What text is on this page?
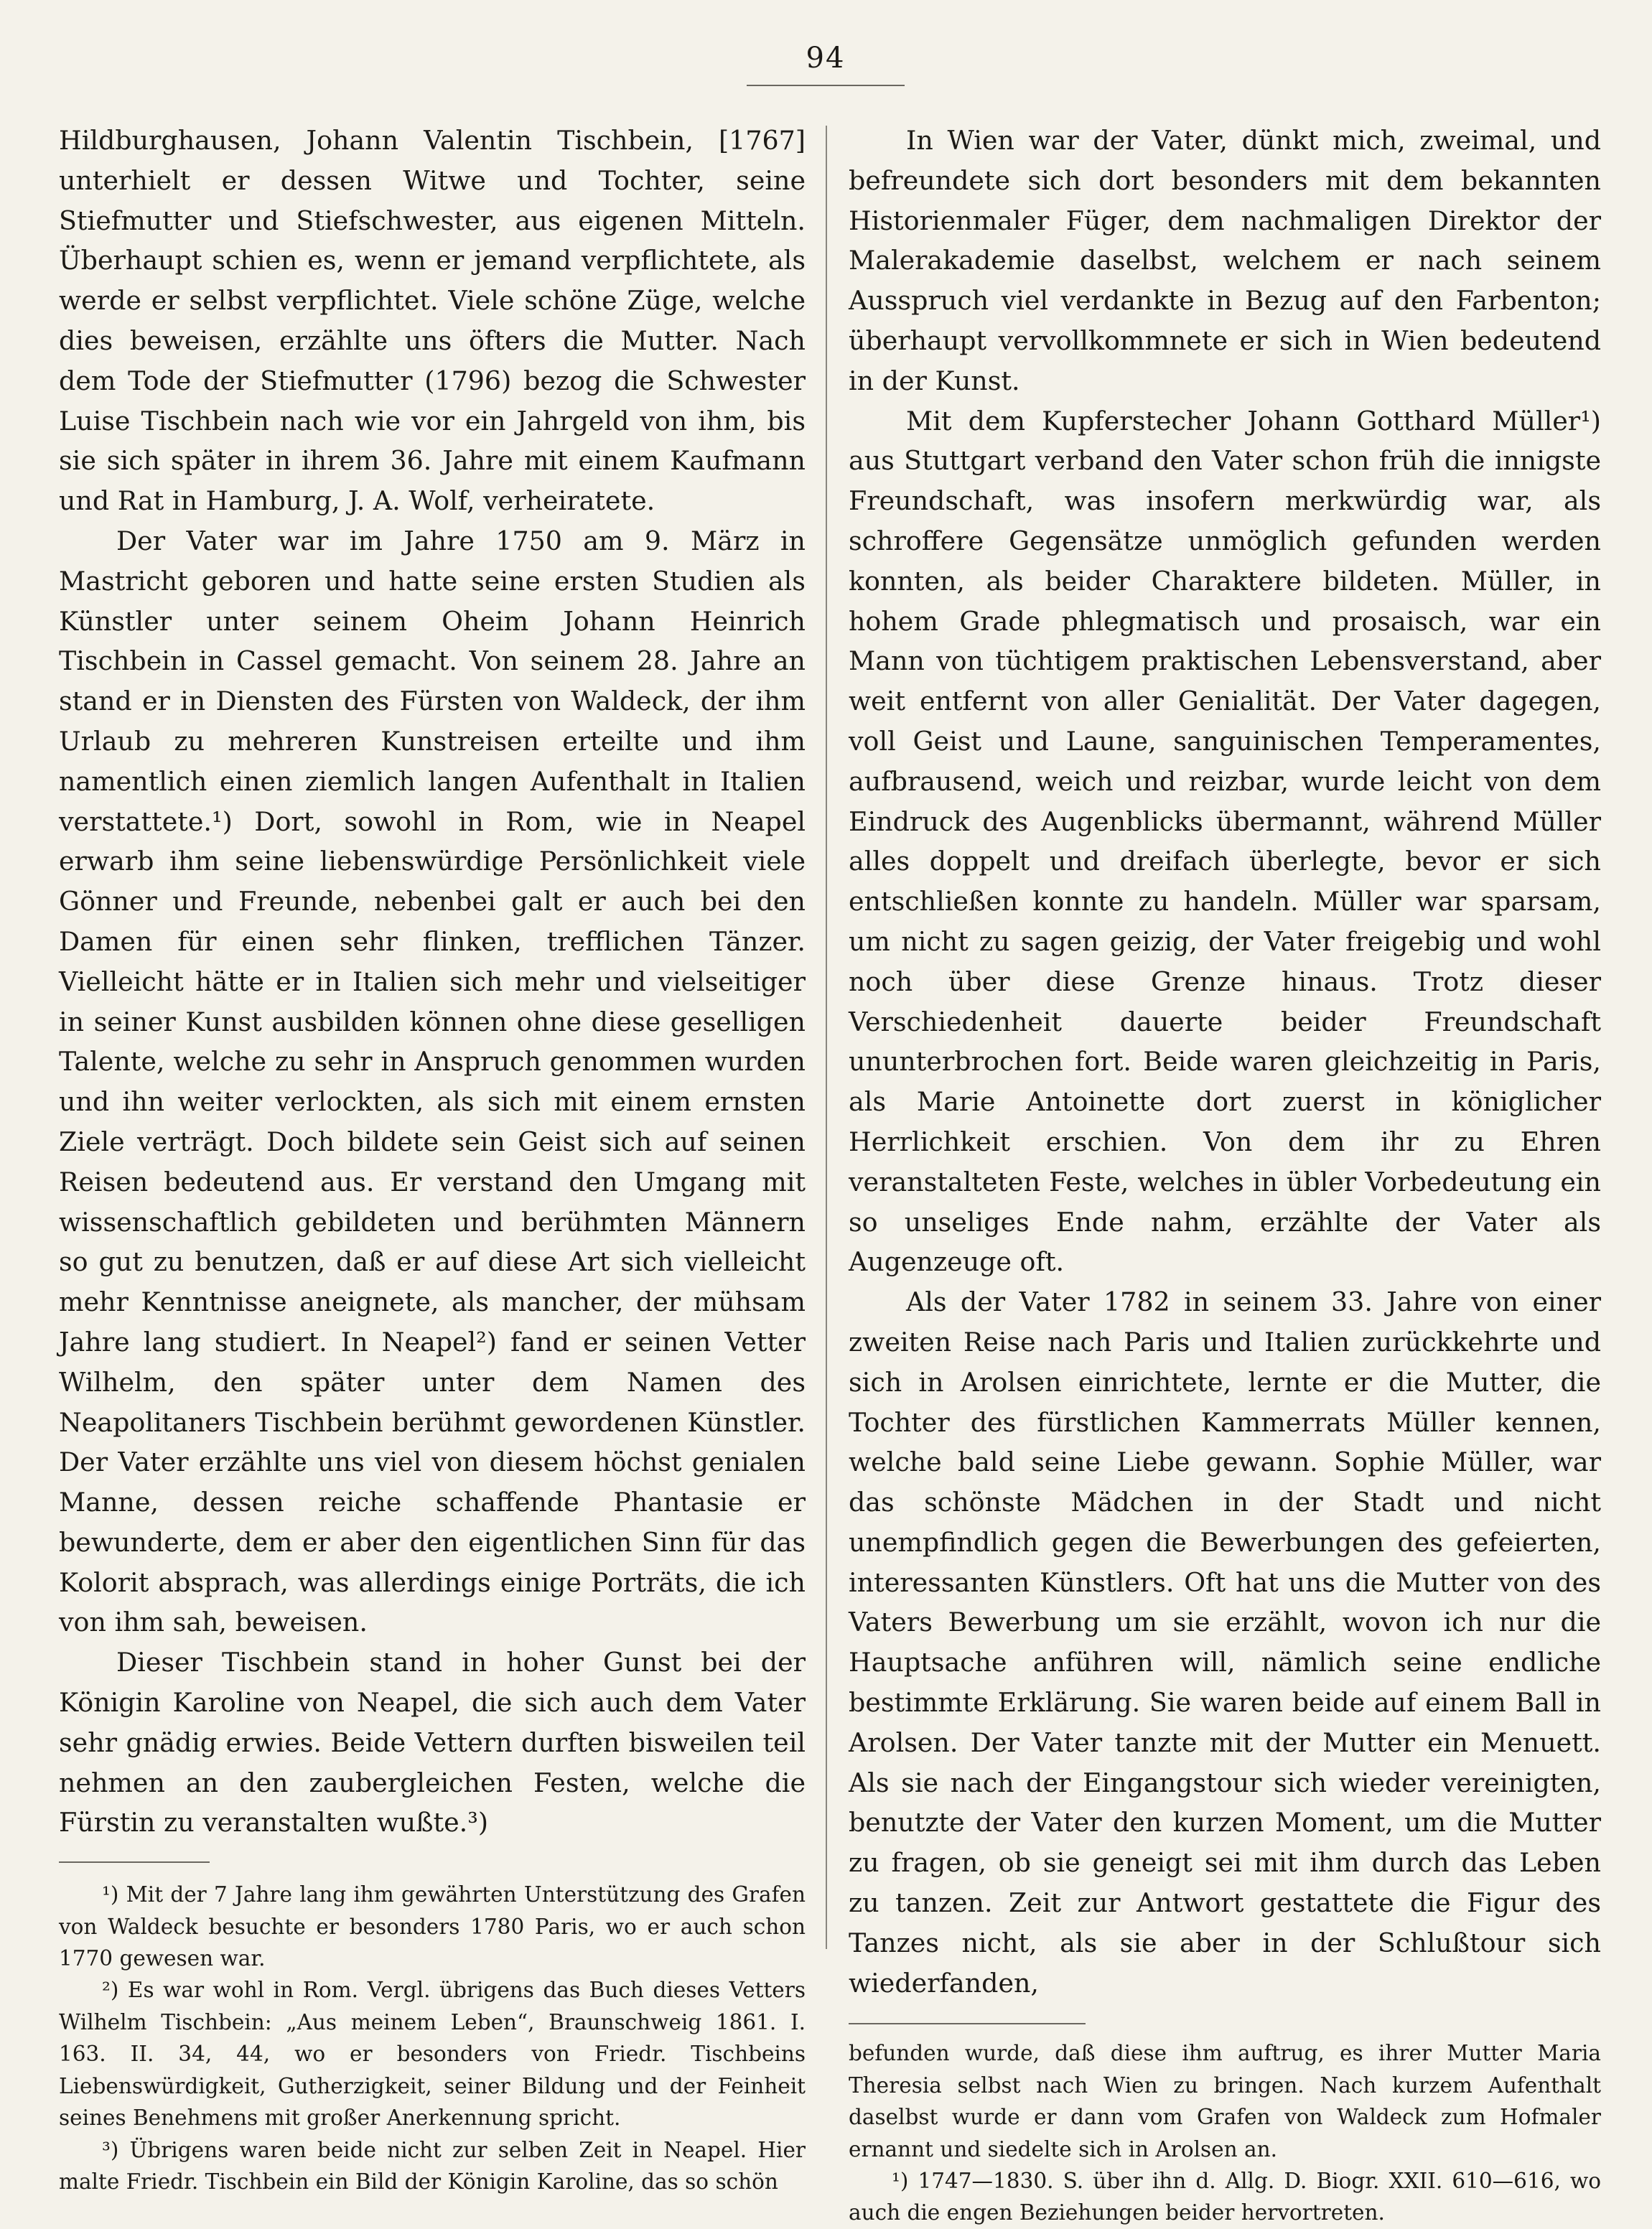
94

Hildburghausen, Johann Valentin Tischbein, [1767] unterhielt er dessen Witwe und Tochter, seine Stiefmutter und Stiefschwester, aus eigenen Mitteln. Überhaupt schien es, wenn er jemand verpflichtete, als werde er selbst verpflichtet. Viele schöne Züge, welche dies beweisen, erzählte uns öfters die Mutter. Nach dem Tode der Stiefmutter (1796) bezog die Schwester Luise Tischbein nach wie vor ein Jahrgeld von ihm, bis sie sich später in ihrem 36. Jahre mit einem Kaufmann und Rat in Hamburg, J. A. Wolf, verheiratete.

Der Vater war im Jahre 1750 am 9. März in Mastricht geboren und hatte seine ersten Studien als Künstler unter seinem Oheim Johann Heinrich Tischbein in Cassel gemacht. Von seinem 28. Jahre an stand er in Diensten des Fürsten von Waldeck, der ihm Urlaub zu mehreren Kunstreisen erteilte und ihm namentlich einen ziemlich langen Aufenthalt in Italien verstattete.¹) Dort, sowohl in Rom, wie in Neapel erwarb ihm seine liebenswürdige Persönlichkeit viele Gönner und Freunde, nebenbei galt er auch bei den Damen für einen sehr flinken, trefflichen Tänzer. Vielleicht hätte er in Italien sich mehr und vielseitiger in seiner Kunst ausbilden können ohne diese geselligen Talente, welche zu sehr in Anspruch genommen wurden und ihn weiter verlockten, als sich mit einem ernsten Ziele verträgt. Doch bildete sein Geist sich auf seinen Reisen bedeutend aus. Er verstand den Umgang mit wissenschaftlich gebildeten und berühmten Männern so gut zu benutzen, daß er auf diese Art sich vielleicht mehr Kenntnisse aneignete, als mancher, der mühsam Jahre lang studiert. In Neapel²) fand er seinen Vetter Wilhelm, den später unter dem Namen des Neapolitaners Tischbein berühmt gewordenen Künstler. Der Vater erzählte uns viel von diesem höchst genialen Manne, dessen reiche schaffende Phantasie er bewunderte, dem er aber den eigentlichen Sinn für das Kolorit absprach, was allerdings einige Porträts, die ich von ihm sah, beweisen.

Dieser Tischbein stand in hoher Gunst bei der Königin Karoline von Neapel, die sich auch dem Vater sehr gnädig erwies. Beide Vettern durften bisweilen teil nehmen an den zaubergleichen Festen, welche die Fürstin zu veranstalten wußte.³)

¹) Mit der 7 Jahre lang ihm gewährten Unterstützung des Grafen von Waldeck besuchte er besonders 1780 Paris, wo er auch schon 1770 gewesen war.

²) Es war wohl in Rom. Vergl. übrigens das Buch dieses Vetters Wilhelm Tischbein: „Aus meinem Leben“, Braunschweig 1861. I. 163. II. 34, 44, wo er besonders von Friedr. Tischbeins Liebenswürdigkeit, Gutherzigkeit, seiner Bildung und der Feinheit seines Benehmens mit großer Anerkennung spricht.

³) Übrigens waren beide nicht zur selben Zeit in Neapel. Hier malte Friedr. Tischbein ein Bild der Königin Karoline, das so schön

In Wien war der Vater, dünkt mich, zweimal, und befreundete sich dort besonders mit dem bekannten Historienmaler Füger, dem nachmaligen Direktor der Malerakademie daselbst, welchem er nach seinem Ausspruch viel verdankte in Bezug auf den Farbenton; überhaupt vervollkommnete er sich in Wien bedeutend in der Kunst.

Mit dem Kupferstecher Johann Gotthard Müller¹) aus Stuttgart verband den Vater schon früh die innigste Freundschaft, was insofern merkwürdig war, als schroffere Gegensätze unmöglich gefunden werden konnten, als beider Charaktere bildeten. Müller, in hohem Grade phlegmatisch und prosaisch, war ein Mann von tüchtigem praktischen Lebensverstand, aber weit entfernt von aller Genialität. Der Vater dagegen, voll Geist und Laune, sanguinischen Temperamentes, aufbrausend, weich und reizbar, wurde leicht von dem Eindruck des Augenblicks übermannt, während Müller alles doppelt und dreifach überlegte, bevor er sich entschließen konnte zu handeln. Müller war sparsam, um nicht zu sagen geizig, der Vater freigebig und wohl noch über diese Grenze hinaus. Trotz dieser Verschiedenheit dauerte beider Freundschaft ununterbrochen fort. Beide waren gleichzeitig in Paris, als Marie Antoinette dort zuerst in königlicher Herrlichkeit erschien. Von dem ihr zu Ehren veranstalteten Feste, welches in übler Vorbedeutung ein so unseliges Ende nahm, erzählte der Vater als Augenzeuge oft.

Als der Vater 1782 in seinem 33. Jahre von einer zweiten Reise nach Paris und Italien zurückkehrte und sich in Arolsen einrichtete, lernte er die Mutter, die Tochter des fürstlichen Kammerrats Müller kennen, welche bald seine Liebe gewann. Sophie Müller, war das schönste Mädchen in der Stadt und nicht unempfindlich gegen die Bewerbungen des gefeierten, interessanten Künstlers. Oft hat uns die Mutter von des Vaters Bewerbung um sie erzählt, wovon ich nur die Hauptsache anführen will, nämlich seine endliche bestimmte Erklärung. Sie waren beide auf einem Ball in Arolsen. Der Vater tanzte mit der Mutter ein Menuett. Als sie nach der Eingangstour sich wieder vereinigten, benutzte der Vater den kurzen Moment, um die Mutter zu fragen, ob sie geneigt sei mit ihm durch das Leben zu tanzen. Zeit zur Antwort gestattete die Figur des Tanzes nicht, als sie aber in der Schlußtour sich wiederfanden,

befunden wurde, daß diese ihm auftrug, es ihrer Mutter Maria Theresia selbst nach Wien zu bringen. Nach kurzem Aufenthalt daselbst wurde er dann vom Grafen von Waldeck zum Hofmaler ernannt und siedelte sich in Arolsen an.

¹) 1747—1830. S. über ihn d. Allg. D. Biogr. XXII. 610—616, wo auch die engen Beziehungen beider hervortreten.
